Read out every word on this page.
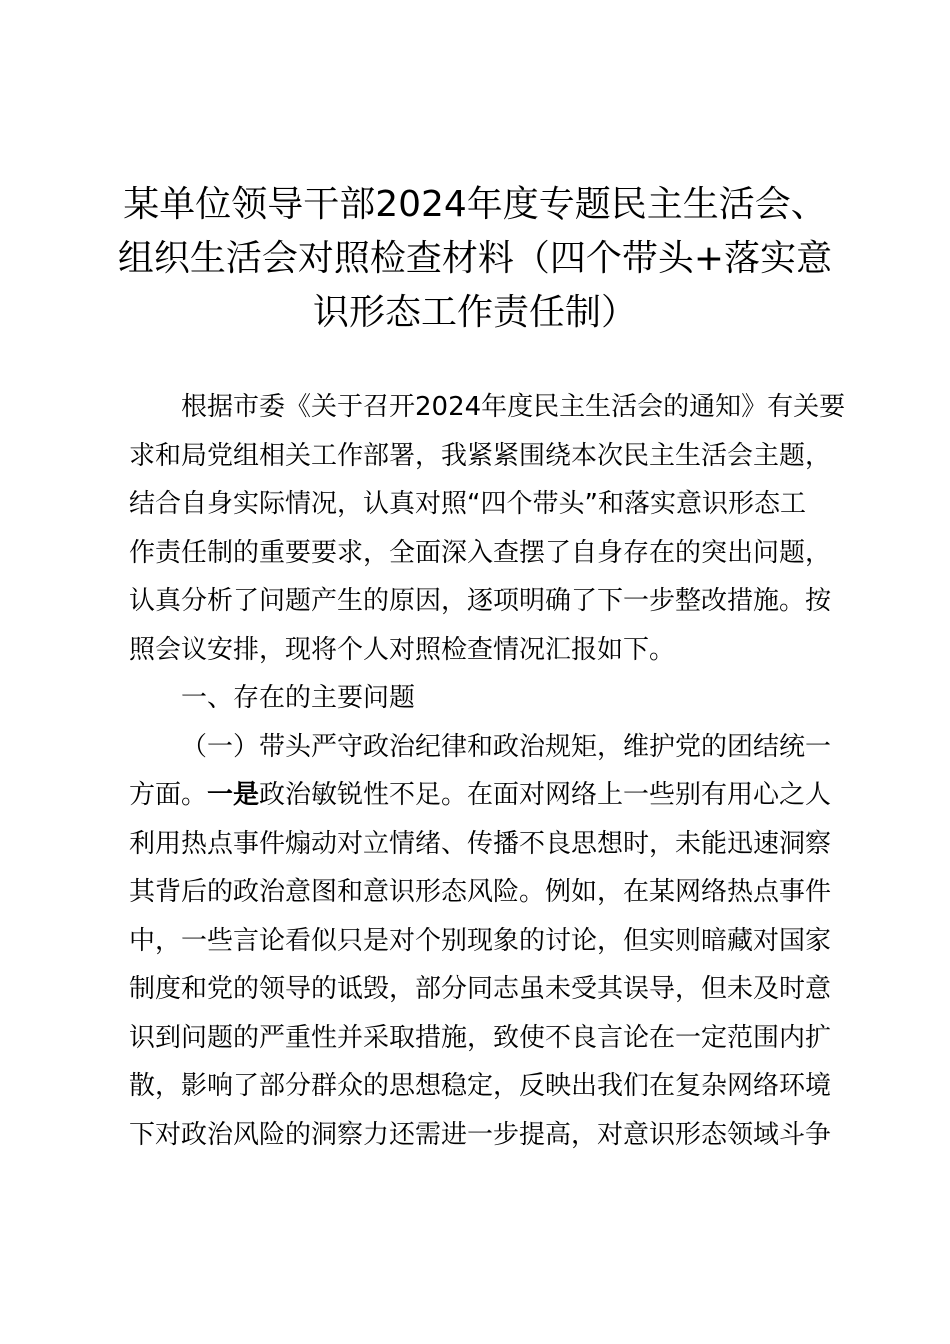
某单位领导干部2024年度专题民主生活会、
组织生活会对照检查材料（四个带头+落实意
识形态工作责任制）

根据市委《关于召开2024年度民主生活会的通知》有关要
求和局党组相关工作部署，我紧紧围绕本次民主生活会主题，
结合自身实际情况，认真对照“四个带头”和落实意识形态工
作责任制的重要要求，全面深入查摆了自身存在的突出问题，
认真分析了问题产生的原因，逐项明确了下一步整改措施。按
照会议安排，现将个人对照检查情况汇报如下。

一、存在的主要问题

（一）带头严守政治纪律和政治规矩，维护党的团结统一
方面。一是政治敏锐性不足。在面对网络上一些别有用心之人
利用热点事件煽动对立情绪、传播不良思想时，未能迅速洞察
其背后的政治意图和意识形态风险。例如，在某网络热点事件
中，一些言论看似只是对个别现象的讨论，但实则暗藏对国家
制度和党的领导的诋毁，部分同志虽未受其误导，但未及时意
识到问题的严重性并采取措施，致使不良言论在一定范围内扩
散，影响了部分群众的思想稳定，反映出我们在复杂网络环境
下对政治风险的洞察力还需进一步提高，对意识形态领域斗争
